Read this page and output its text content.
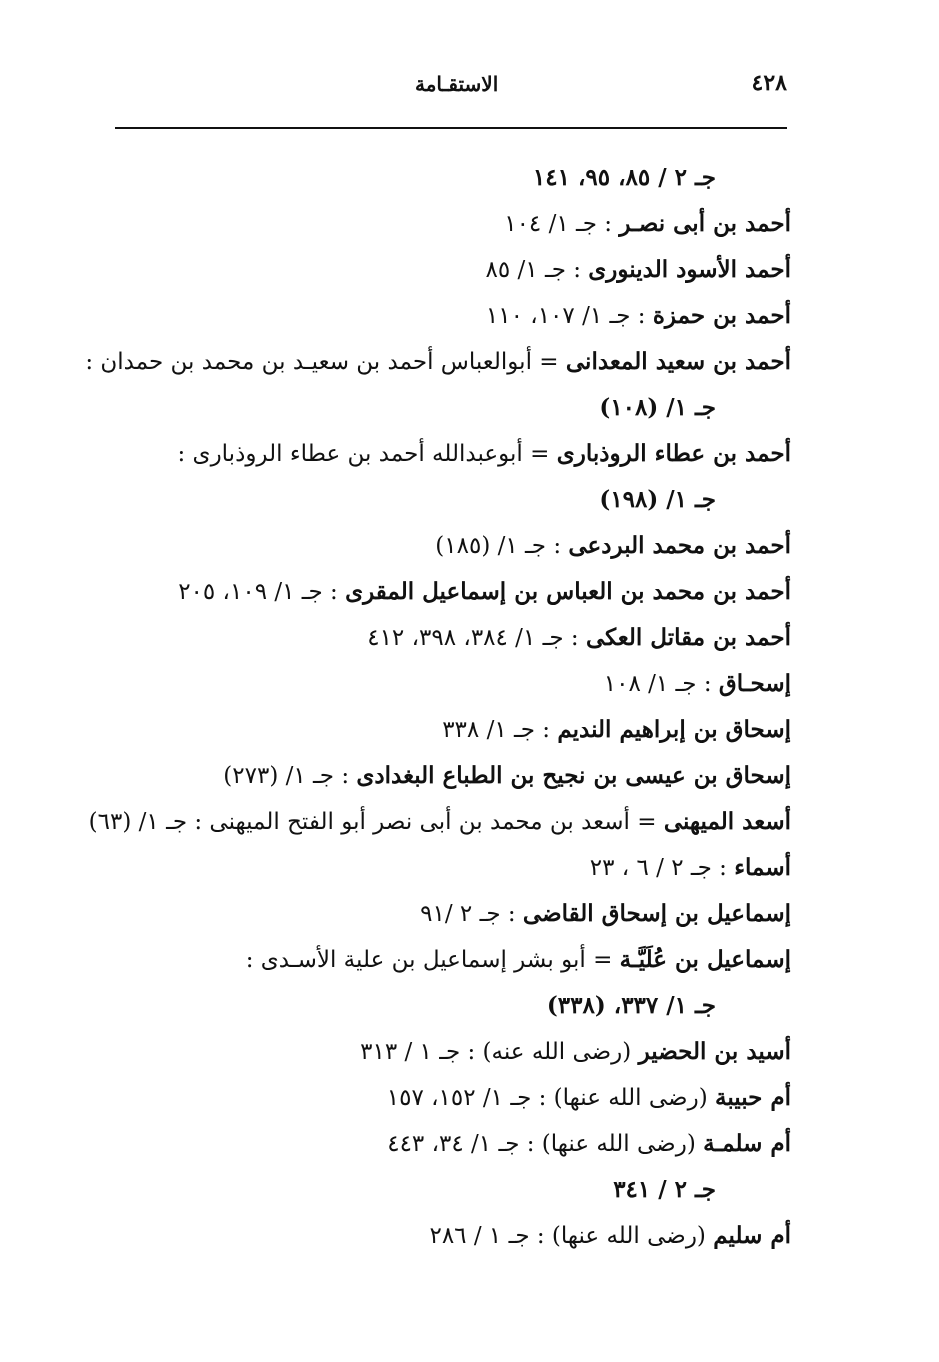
٤٢٨
الاستقـامة
جـ ٢ / ٨٥، ٩٥، ١٤١
أحمد بن أبى نصـر : جـ ١/ ١٠٤
أحمد الأسود الدينورى : جـ ١/ ٨٥
أحمد بن حمزة : جـ ١/ ١٠٧، ١١٠
أحمد بن سعيد المعدانى = أبوالعباس أحمد بن سعيـد بن محمد بن حمدان :
جـ ١/ (١٠٨)
أحمد بن عطاء الروذبارى = أبوعبدالله أحمد بن عطاء الروذبارى :
جـ ١/ (١٩٨)
أحمد بن محمد البردعى : جـ ١/ (١٨٥)
أحمد بن محمد بن العباس بن إسماعيل المقرى : جـ ١/ ١٠٩، ٢٠٥
أحمد بن مقاتل العكى : جـ ١/ ٣٨٤، ٣٩٨، ٤١٢
إسحـاق : جـ ١/ ١٠٨
إسحاق بن إبراهيم النديم : جـ ١/ ٣٣٨
إسحاق بن عيسى بن نجيح بن الطباع البغدادى : جـ ١/ (٢٧٣)
أسعد الميهنى = أسعد بن محمد بن أبى نصر أبو الفتح الميهنى : جـ ١/ (٦٣)
أسماء : جـ ٢ / ٦ ، ٢٣
إسماعيل بن إسحاق القاضى : جـ ٢ /٩١
إسماعيل بن عُلَيَّـة = أبو بشر إسماعيل بن علية الأسـدى :
جـ ١/ ٣٣٧، (٣٣٨)
أسيد بن الحضير (رضى الله عنه) : جـ ١ / ٣١٣
أم حبيبة (رضى الله عنها) : جـ ١/ ١٥٢، ١٥٧
أم سلمـة (رضى الله عنها) : جـ ١/ ٣٤، ٤٤٣
جـ ٢ / ٣٤١
أم سليم (رضى الله عنها) : جـ ١ / ٢٨٦
